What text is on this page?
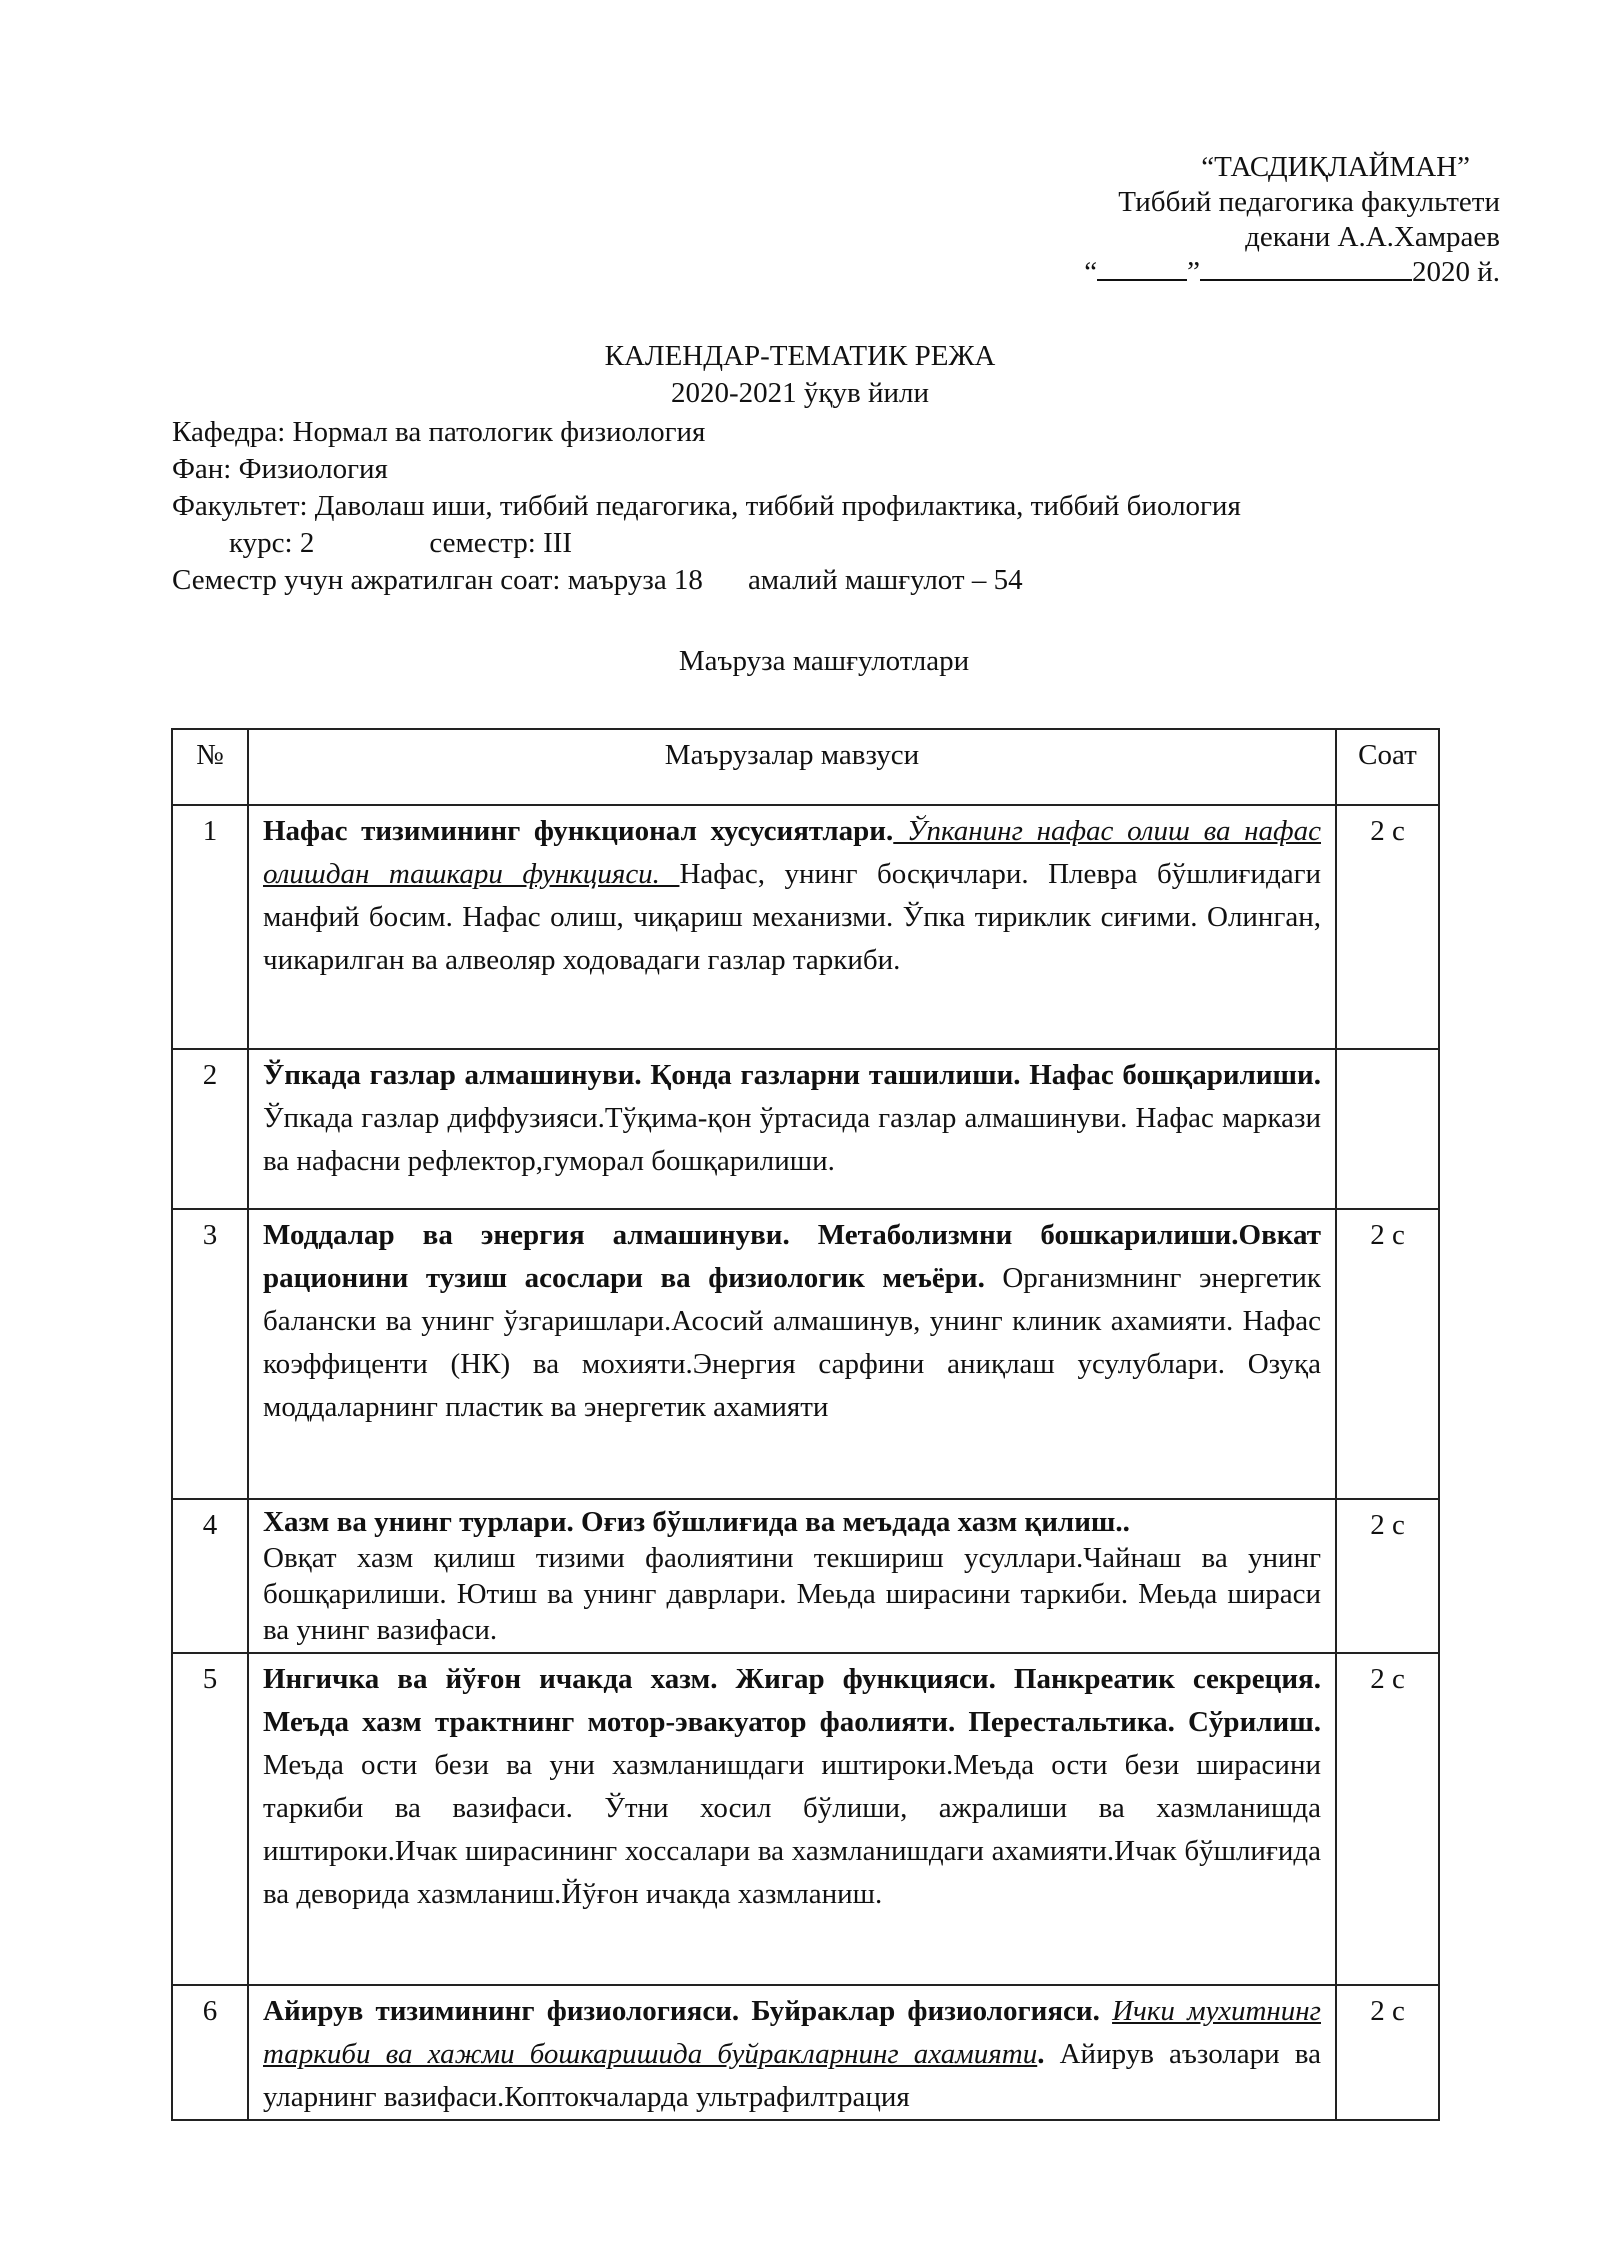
“ТАСДИҚЛАЙМАН”
Тиббий педагогика факультети
декани А.А.Хамраев
“	”	2020 й.
КАЛЕНДАР-ТЕМАТИК РЕЖА
2020-2021 ўқув йили
Кафедра: Нормал ва патологик физиология
Фан: Физиология
Факультет: Даволаш иши, тиббий педагогика, тиббий профилактика, тиббий биология
курс: 2	семестр: III
Семестр учун ажратилган соат: маъруза 18 амалий машғулот – 54
Маъруза машғулотлари
№	Маърузалар мавзуси	Соат
1	Нафас тизимининг функционал хусусиятлари. Ўпканинг нафас олиш ва нафас олишдан ташкари функцияси. Нафас, унинг босқичлари. Плевра бўшлиғидаги манфий босим. Нафас олиш, чиқариш механизми. Ўпка тириклик сиғими. Олинган, чикарилган ва алвеоляр ходовадаги газлар таркиби.	2 с
2	Ўпкада газлар алмашинуви. Қонда газларни ташилиши. Нафас бошқарилиши. Ўпкада газлар диффузияси.Тўқима-қон ўртасида газлар алмашинуви. Нафас маркази ва нафасни рефлектор,гуморал бошқарилиши.	
3	Моддалар ва энергия алмашинуви. Метаболизмни бошкарилиши.Овкат рационини тузиш асослари ва физиологик меъёри. Организмнинг энергетик балански ва унинг ўзгаришлари.Асосий алмашинув, унинг клиник ахамияти. Нафас коэффиценти (НК) ва мохияти.Энергия сарфини аниқлаш усулублари. Озуқа моддаларнинг пластик ва энергетик ахамияти	2 с
4	Хазм ва унинг турлари. Оғиз бўшлиғида ва меъдада хазм қилиш..
Овқат хазм қилиш тизими фаолиятини текшириш усуллари.Чайнаш ва унинг бошқарилиши. Ютиш ва унинг даврлари. Меьда ширасини таркиби. Меьда шираси ва унинг вазифаси.	2 с
5	Ингичка ва йўғон ичакда хазм. Жигар функцияси. Панкреатик секреция. Меъда хазм трактнинг мотор-эвакуатор фаолияти. Перестальтика. Сўрилиш. Меъда ости бези ва уни хазмланишдаги иштироки.Меъда ости бези ширасини таркиби ва вазифаси. Ўтни хосил бўлиши, ажралиши ва хазмланишда иштироки.Ичак ширасининг хоссалари ва хазмланишдаги ахамияти.Ичак бўшлиғида ва деворида хазмланиш.Йўғон ичакда хазмланиш.	2 с
6	Айирув тизимининг физиологияси. Буйраклар физиологияси. Ички мухитнинг таркиби ва хажми бошкаришида буйракларнинг ахамияти. Айирув аъзолари ва уларнинг вазифаси.Коптокчаларда ультрафилтрация	2 с
